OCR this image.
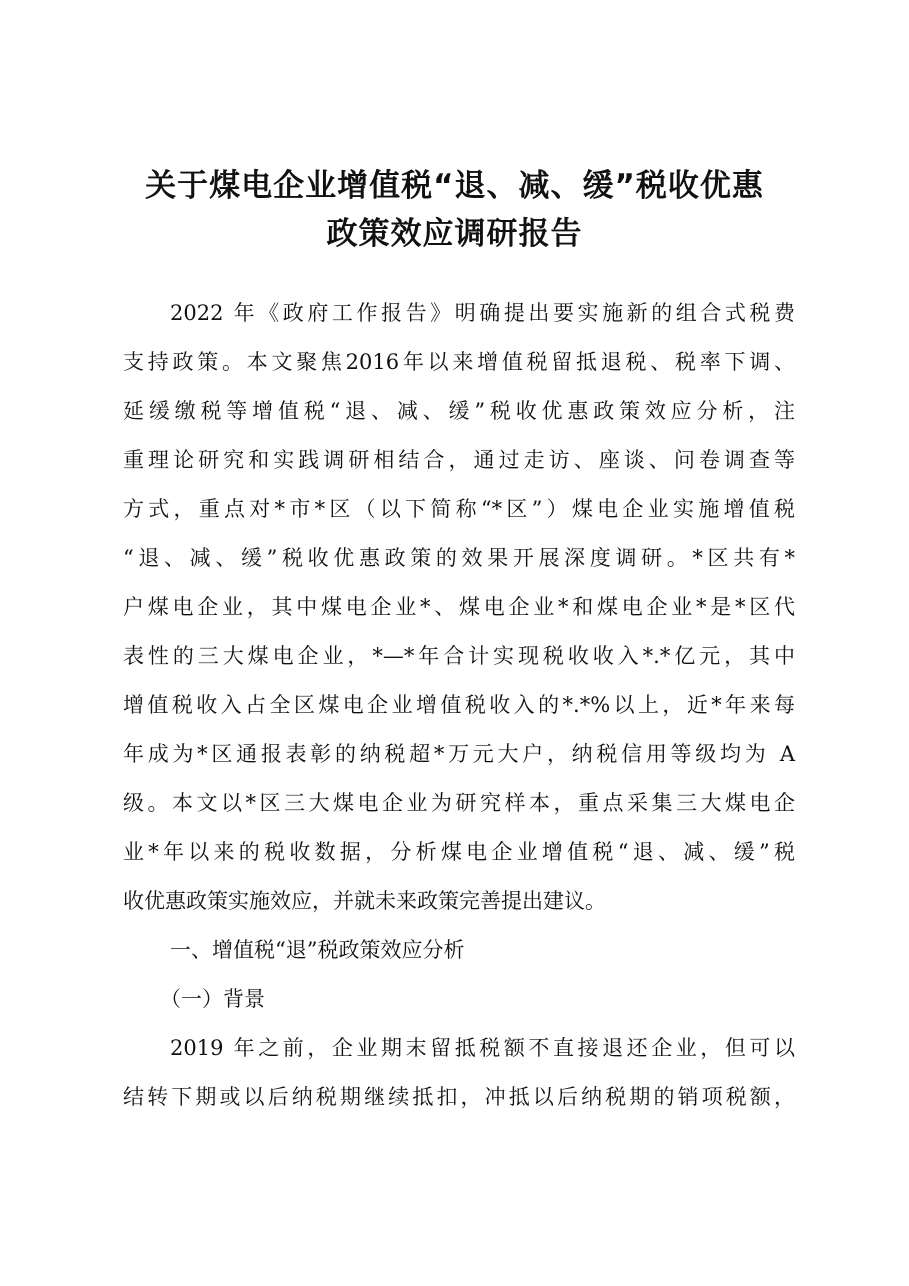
关于煤电企业增值税“退、减、缓”税收优惠
政策效应调研报告
2022 年《政府工作报告》明确提出要实施新的组合式税费
支持政策。本文聚焦2016年以来增值税留抵退税、税率下调、
延缓缴税等增值税“退、减、缓”税收优惠政策效应分析，注
重理论研究和实践调研相结合，通过走访、座谈、问卷调查等
方式，重点对*市*区（以下简称“*区”）煤电企业实施增值税
“退、减、缓”税收优惠政策的效果开展深度调研。*区共有*
户煤电企业，其中煤电企业*、煤电企业*和煤电企业*是*区代
表性的三大煤电企业，*—*年合计实现税收收入*.*亿元，其中
增值税收入占全区煤电企业增值税收入的*.*%以上，近*年来每
年成为*区通报表彰的纳税超*万元大户，纳税信用等级均为 A
级。本文以*区三大煤电企业为研究样本，重点采集三大煤电企
业*年以来的税收数据，分析煤电企业增值税“退、减、缓”税
收优惠政策实施效应，并就未来政策完善提出建议。
一、增值税“退”税政策效应分析
（一）背景
2019 年之前，企业期末留抵税额不直接退还企业，但可以
结转下期或以后纳税期继续抵扣，冲抵以后纳税期的销项税额，
